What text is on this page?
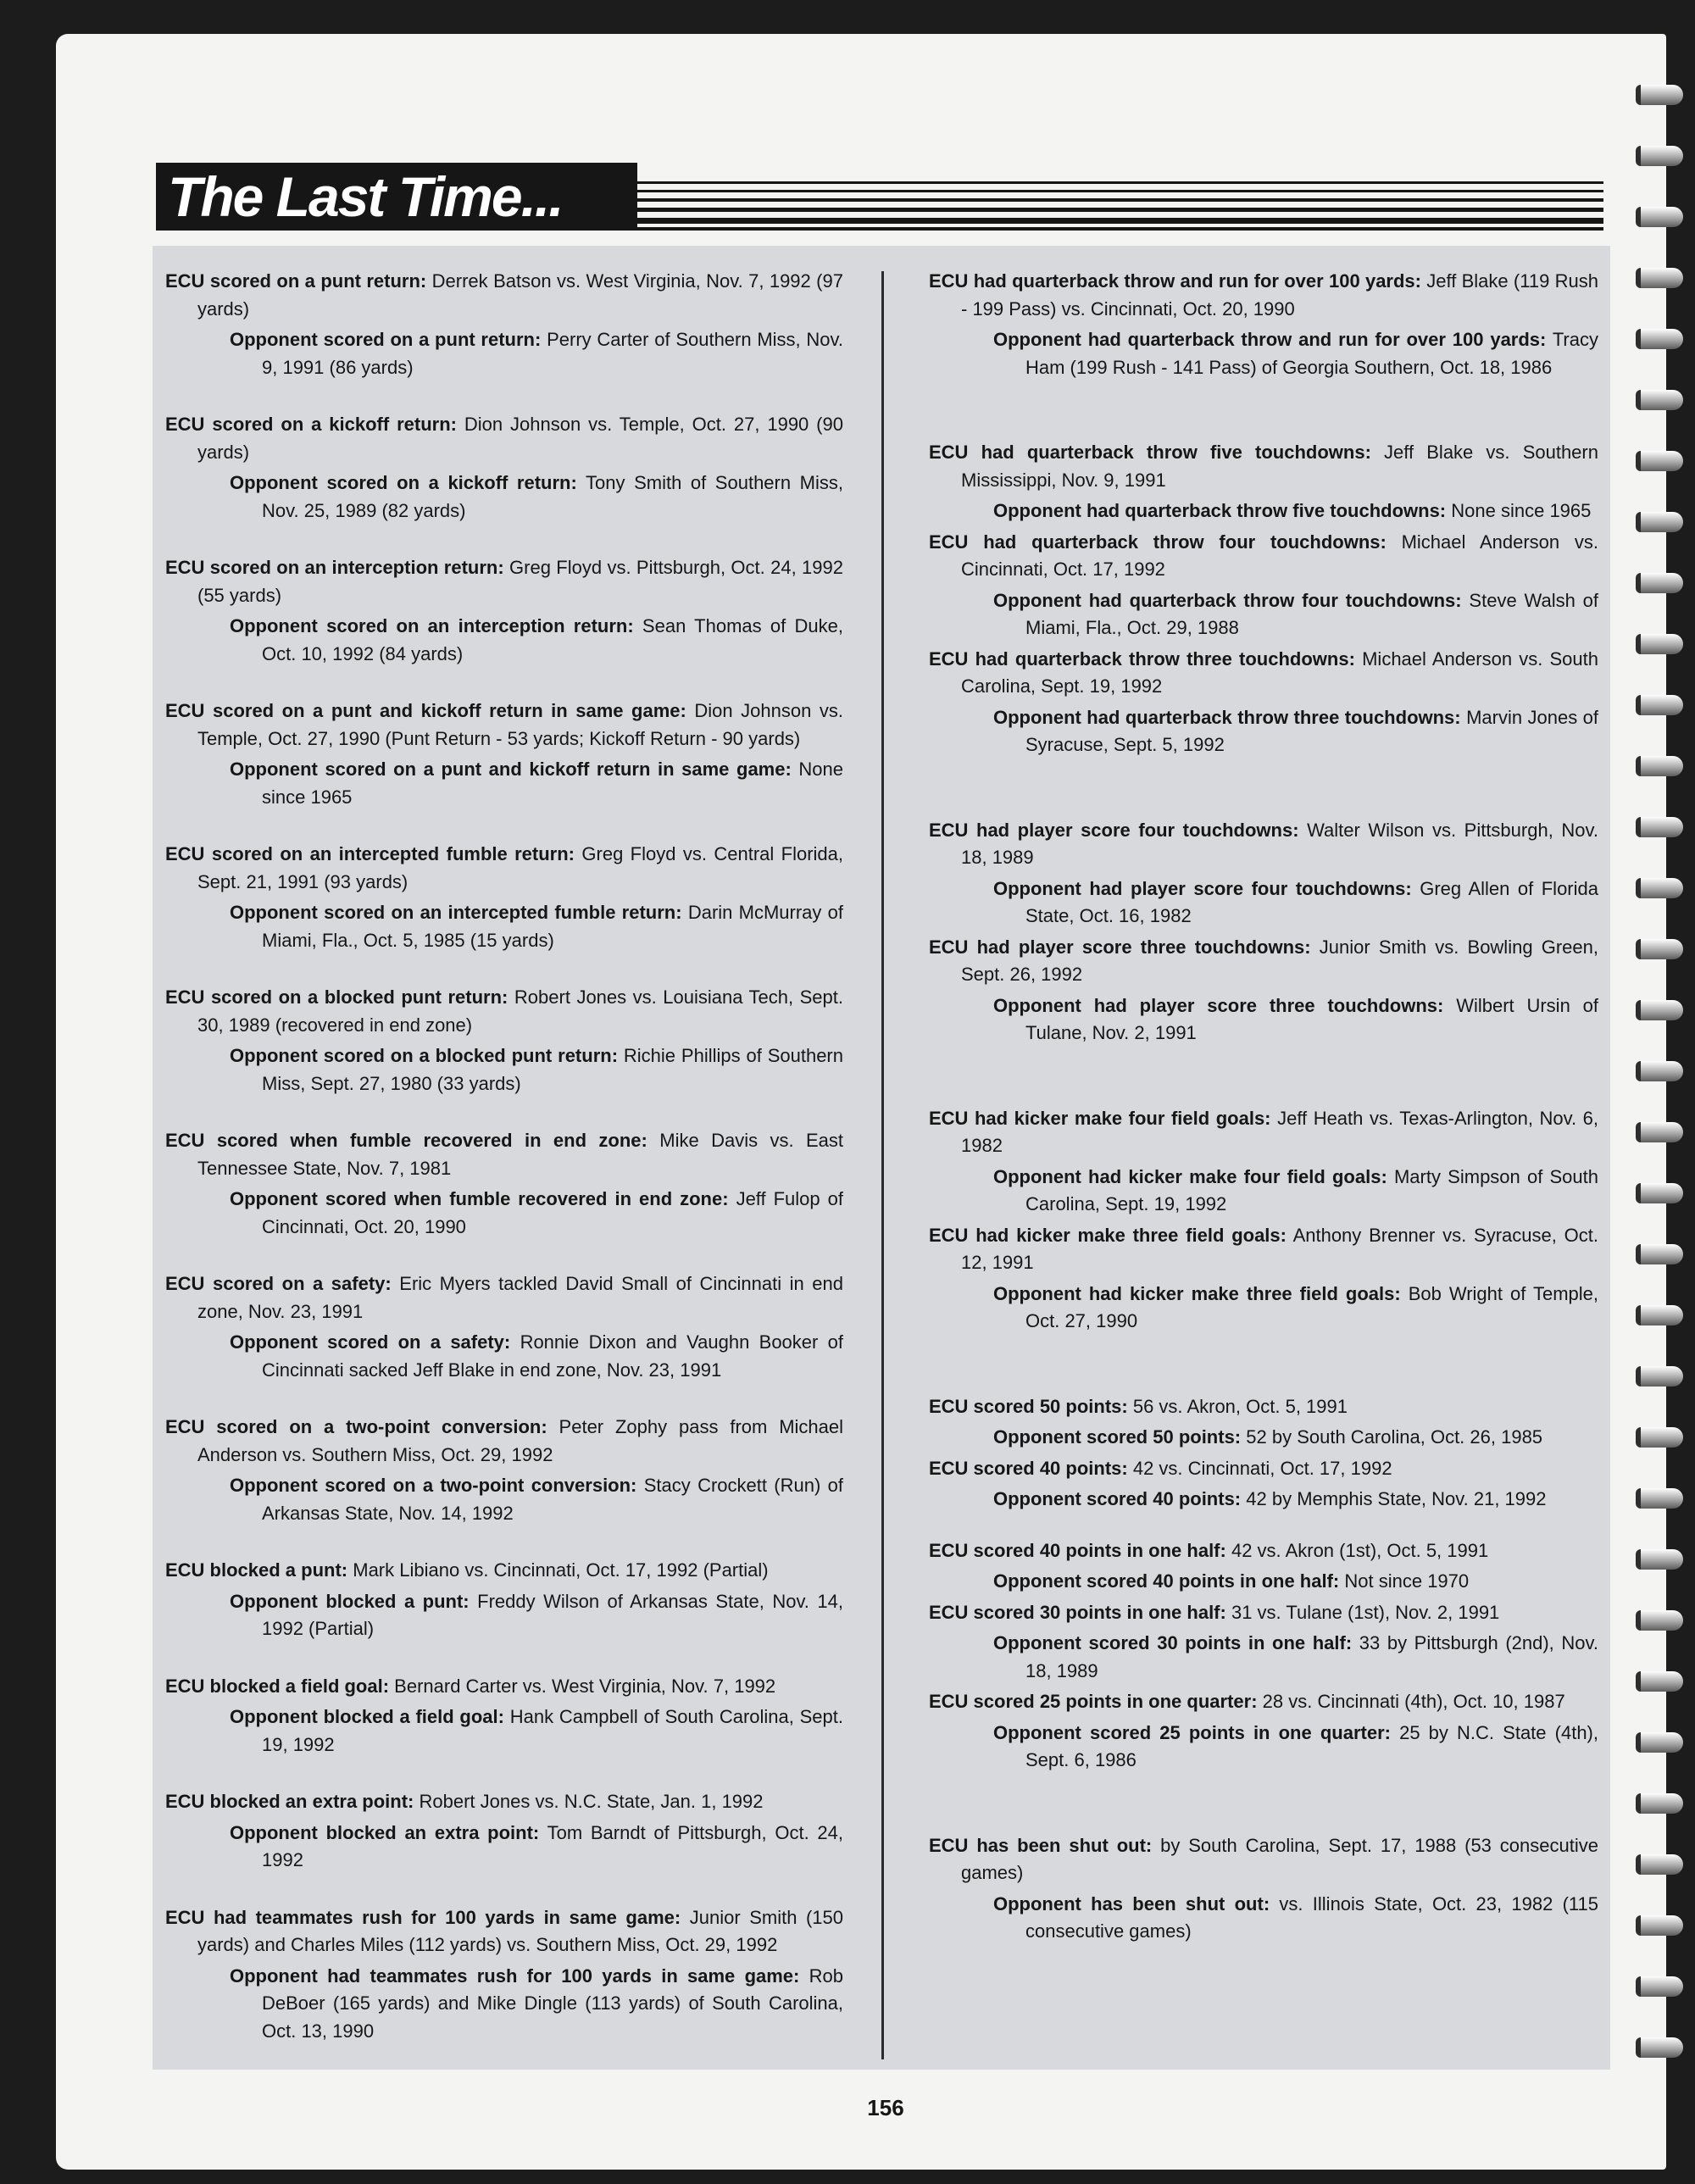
The Last Time...

ECU scored on a punt return: Derrek Batson vs. West Virginia, Nov. 7, 1992 (97 yards)

Opponent scored on a punt return: Perry Carter of Southern Miss, Nov. 9, 1991 (86 yards)

ECU scored on a kickoff return: Dion Johnson vs. Temple, Oct. 27, 1990 (90 yards)

Opponent scored on a kickoff return: Tony Smith of Southern Miss, Nov. 25, 1989 (82 yards)

ECU scored on an interception return: Greg Floyd vs. Pittsburgh, Oct. 24, 1992 (55 yards)

Opponent scored on an interception return: Sean Thomas of Duke, Oct. 10, 1992 (84 yards)

ECU scored on a punt and kickoff return in same game: Dion Johnson vs. Temple, Oct. 27, 1990 (Punt Return - 53 yards; Kickoff Return - 90 yards)

Opponent scored on a punt and kickoff return in same game: None since 1965

ECU scored on an intercepted fumble return: Greg Floyd vs. Central Florida, Sept. 21, 1991 (93 yards)

Opponent scored on an intercepted fumble return: Darin McMurray of Miami, Fla., Oct. 5, 1985 (15 yards)

ECU scored on a blocked punt return: Robert Jones vs. Louisiana Tech, Sept. 30, 1989 (recovered in end zone)

Opponent scored on a blocked punt return: Richie Phillips of Southern Miss, Sept. 27, 1980 (33 yards)

ECU scored when fumble recovered in end zone: Mike Davis vs. East Tennessee State, Nov. 7, 1981

Opponent scored when fumble recovered in end zone: Jeff Fulop of Cincinnati, Oct. 20, 1990

ECU scored on a safety: Eric Myers tackled David Small of Cincinnati in end zone, Nov. 23, 1991

Opponent scored on a safety: Ronnie Dixon and Vaughn Booker of Cincinnati sacked Jeff Blake in end zone, Nov. 23, 1991

ECU scored on a two-point conversion: Peter Zophy pass from Michael Anderson vs. Southern Miss, Oct. 29, 1992

Opponent scored on a two-point conversion: Stacy Crockett (Run) of Arkansas State, Nov. 14, 1992

ECU blocked a punt: Mark Libiano vs. Cincinnati, Oct. 17, 1992 (Partial)

Opponent blocked a punt: Freddy Wilson of Arkansas State, Nov. 14, 1992 (Partial)

ECU blocked a field goal: Bernard Carter vs. West Virginia, Nov. 7, 1992

Opponent blocked a field goal: Hank Campbell of South Carolina, Sept. 19, 1992

ECU blocked an extra point: Robert Jones vs. N.C. State, Jan. 1, 1992

Opponent blocked an extra point: Tom Barndt of Pittsburgh, Oct. 24, 1992

ECU had teammates rush for 100 yards in same game: Junior Smith (150 yards) and Charles Miles (112 yards) vs. Southern Miss, Oct. 29, 1992

Opponent had teammates rush for 100 yards in same game: Rob DeBoer (165 yards) and Mike Dingle (113 yards) of South Carolina, Oct. 13, 1990

ECU had quarterback throw and run for over 100 yards: Jeff Blake (119 Rush - 199 Pass) vs. Cincinnati, Oct. 20, 1990

Opponent had quarterback throw and run for over 100 yards: Tracy Ham (199 Rush - 141 Pass) of Georgia Southern, Oct. 18, 1986

ECU had quarterback throw five touchdowns: Jeff Blake vs. Southern Mississippi, Nov. 9, 1991

Opponent had quarterback throw five touchdowns: None since 1965

ECU had quarterback throw four touchdowns: Michael Anderson vs. Cincinnati, Oct. 17, 1992

Opponent had quarterback throw four touchdowns: Steve Walsh of Miami, Fla., Oct. 29, 1988

ECU had quarterback throw three touchdowns: Michael Anderson vs. South Carolina, Sept. 19, 1992

Opponent had quarterback throw three touchdowns: Marvin Jones of Syracuse, Sept. 5, 1992

ECU had player score four touchdowns: Walter Wilson vs. Pittsburgh, Nov. 18, 1989

Opponent had player score four touchdowns: Greg Allen of Florida State, Oct. 16, 1982

ECU had player score three touchdowns: Junior Smith vs. Bowling Green, Sept. 26, 1992

Opponent had player score three touchdowns: Wilbert Ursin of Tulane, Nov. 2, 1991

ECU had kicker make four field goals: Jeff Heath vs. Texas-Arlington, Nov. 6, 1982

Opponent had kicker make four field goals: Marty Simpson of South Carolina, Sept. 19, 1992

ECU had kicker make three field goals: Anthony Brenner vs. Syracuse, Oct. 12, 1991

Opponent had kicker make three field goals: Bob Wright of Temple, Oct. 27, 1990

ECU scored 50 points: 56 vs. Akron, Oct. 5, 1991

Opponent scored 50 points: 52 by South Carolina, Oct. 26, 1985

ECU scored 40 points: 42 vs. Cincinnati, Oct. 17, 1992

Opponent scored 40 points: 42 by Memphis State, Nov. 21, 1992

ECU scored 40 points in one half: 42 vs. Akron (1st), Oct. 5, 1991

Opponent scored 40 points in one half: Not since 1970

ECU scored 30 points in one half: 31 vs. Tulane (1st), Nov. 2, 1991

Opponent scored 30 points in one half: 33 by Pittsburgh (2nd), Nov. 18, 1989

ECU scored 25 points in one quarter: 28 vs. Cincinnati (4th), Oct. 10, 1987

Opponent scored 25 points in one quarter: 25 by N.C. State (4th), Sept. 6, 1986

ECU has been shut out: by South Carolina, Sept. 17, 1988 (53 consecutive games)

Opponent has been shut out: vs. Illinois State, Oct. 23, 1982 (115 consecutive games)

156
